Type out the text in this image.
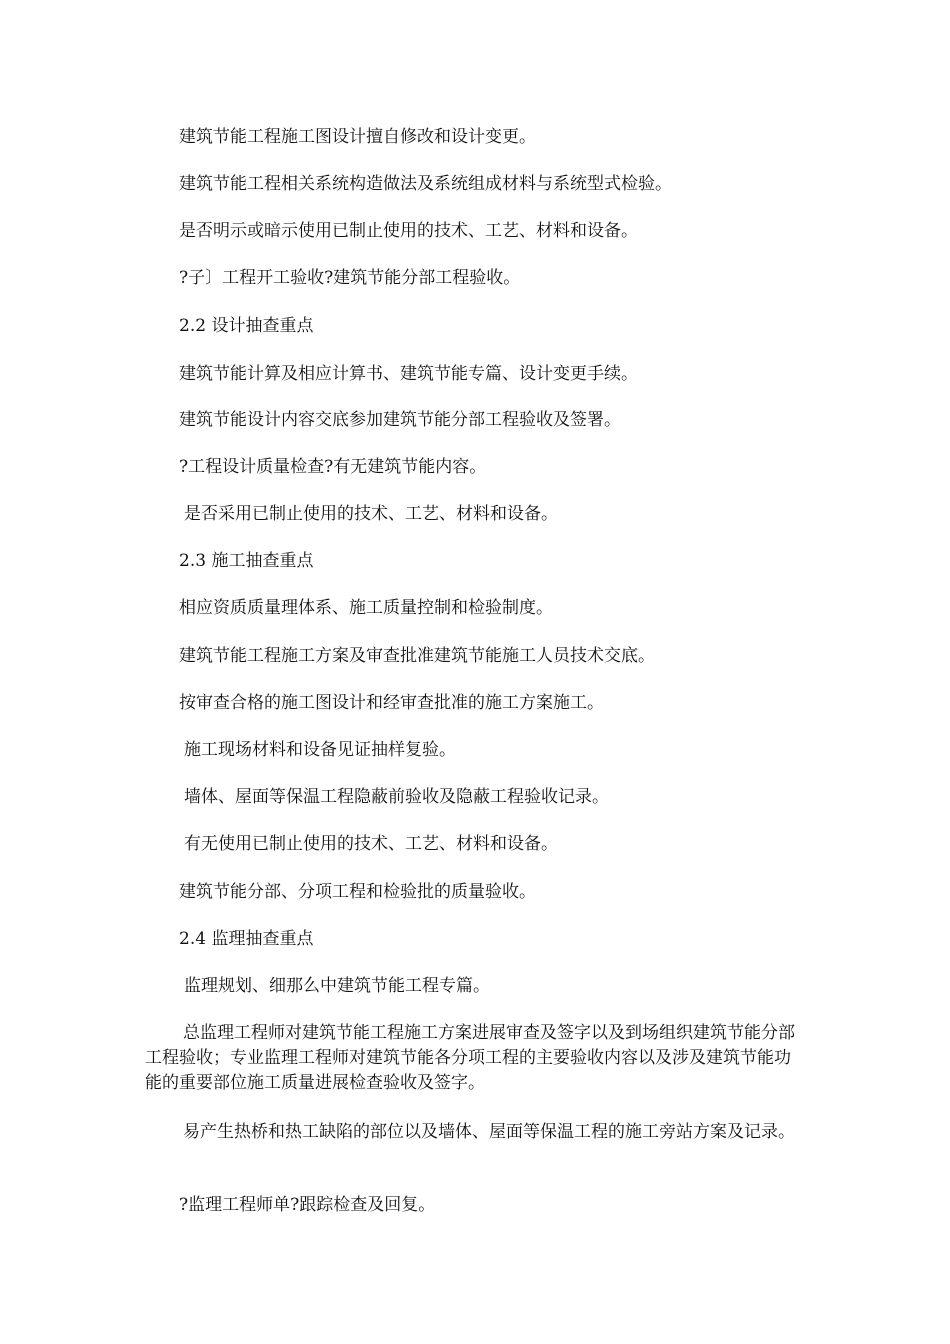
建筑节能工程施工图设计擅自修改和设计变更。
建筑节能工程相关系统构造做法及系统组成材料与系统型式检验。
是否明示或暗示使用已制止使用的技术、工艺、材料和设备。
?子〕工程开工验收?建筑节能分部工程验收。
2.2 设计抽查重点
建筑节能计算及相应计算书、建筑节能专篇、设计变更手续。
建筑节能设计内容交底参加建筑节能分部工程验收及签署。
?工程设计质量检查?有无建筑节能内容。
是否采用已制止使用的技术、工艺、材料和设备。
2.3 施工抽查重点
相应资质质量理体系、施工质量控制和检验制度。
建筑节能工程施工方案及审查批准建筑节能施工人员技术交底。
按审查合格的施工图设计和经审查批准的施工方案施工。
施工现场材料和设备见证抽样复验。
墙体、屋面等保温工程隐蔽前验收及隐蔽工程验收记录。
有无使用已制止使用的技术、工艺、材料和设备。
建筑节能分部、分项工程和检验批的质量验收。
2.4 监理抽查重点
监理规划、细那么中建筑节能工程专篇。
总监理工程师对建筑节能工程施工方案进展审查及签字以及到场组织建筑节能分部工程验收；专业监理工程师对建筑节能各分项工程的主要验收内容以及涉及建筑节能功能的重要部位施工质量进展检查验收及签字。
易产生热桥和热工缺陷的部位以及墙体、屋面等保温工程的施工旁站方案及记录。
?监理工程师单?跟踪检查及回复。
